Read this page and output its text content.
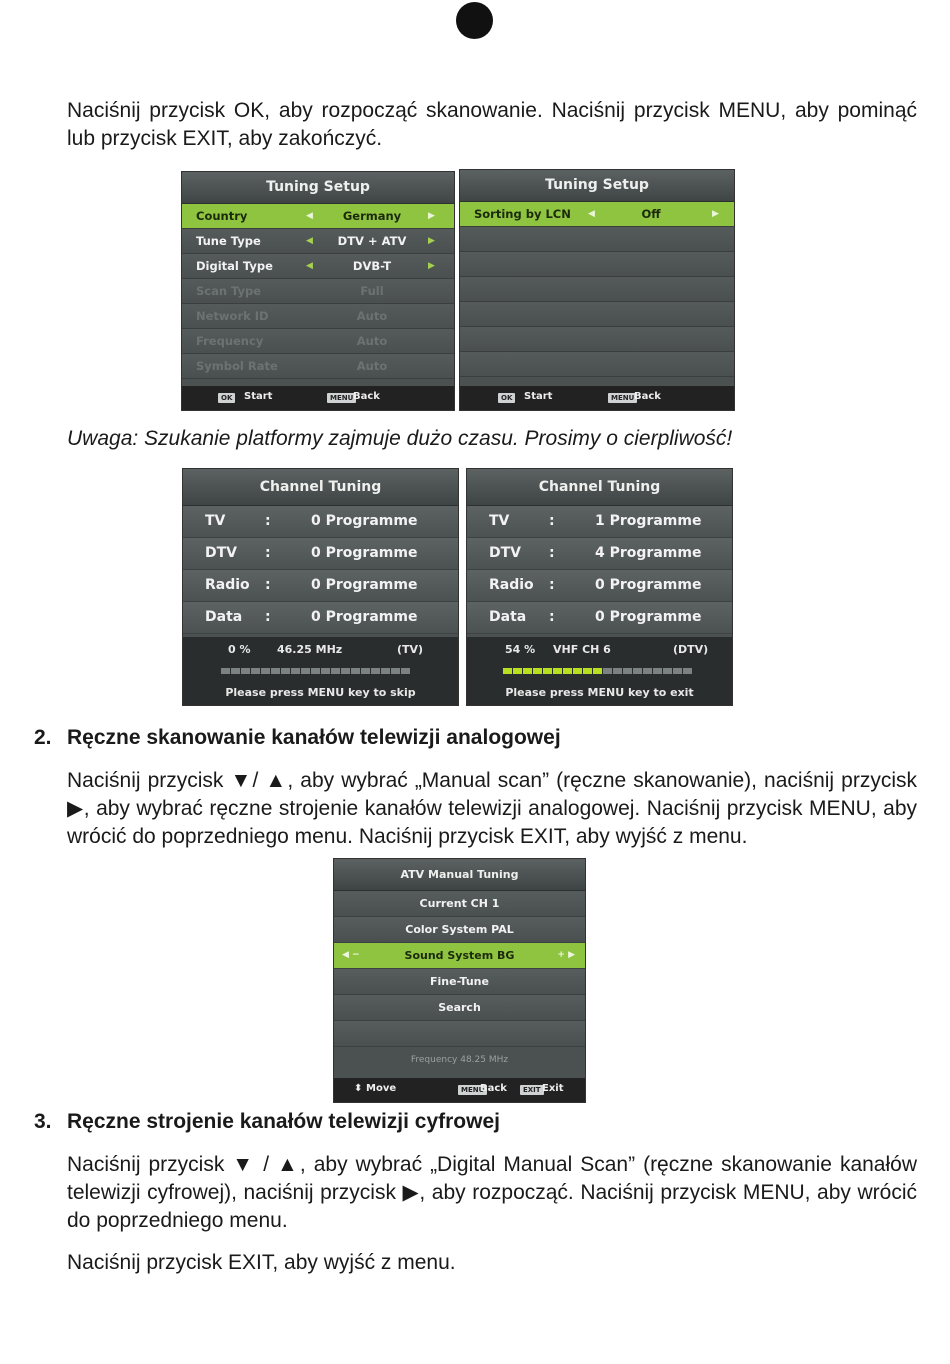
Naciśnij przycisk OK, aby rozpocząć skanowanie. Naciśnij przycisk MENU, aby pominąć lub przycisk EXIT, aby zakończyć.

Tuning Setup
Country	◀	Germany	▶
Tune Type	◀	DTV + ATV	▶
Digital Type	◀	DVB-T	▶
Scan Type	Full
Network ID	Auto
Frequency	Auto
Symbol Rate	Auto
OK	Start	MENU Back
Tuning Setup
Sorting by LCN ◀	Off	▶
OK	Start	MENU Back

Uwaga: Szukanie platformy zajmuje dużo czasu. Prosimy o cierpliwość!

Channel Tuning
TV	:	0 Programme
DTV :	0 Programme
Radio :	0 Programme
Data :	0 Programme
0 % 46.25 MHz	(TV)
Please press MENU key to skip
Channel Tuning
TV	:	1 Programme
DTV :	4 Programme
Radio :	0 Programme
Data :	0 Programme
54 % VHF CH 6	(DTV)
Please press MENU key to exit
2. Ręczne skanowanie kanałów telewizji analogowej

Naciśnij przycisk ▼/ ▲, aby wybrać „Manual scan” (ręczne skanowanie), naciśnij przycisk ▶, aby wybrać ręczne strojenie kanałów telewizji analogowej. Naciśnij przycisk MENU, aby wrócić do poprzedniego menu. Naciśnij przycisk EXIT, aby wyjść z menu.

ATV Manual Tuning
Current CH 1
Color System PAL
◀ −	Sound System BG	+ ▶
Fine-Tune
Search
Frequency 48.25 MHz
⬍ Move	MENU
Back	EXIT Exit
3. Ręczne strojenie kanałów telewizji cyfrowej

Naciśnij przycisk ▼ / ▲, aby wybrać „Digital Manual Scan” (ręczne skanowanie kanałów telewizji cyfrowej), naciśnij przycisk ▶, aby rozpocząć. Naciśnij przycisk MENU, aby wrócić do poprzedniego menu.

Naciśnij przycisk EXIT, aby wyjść z menu.
